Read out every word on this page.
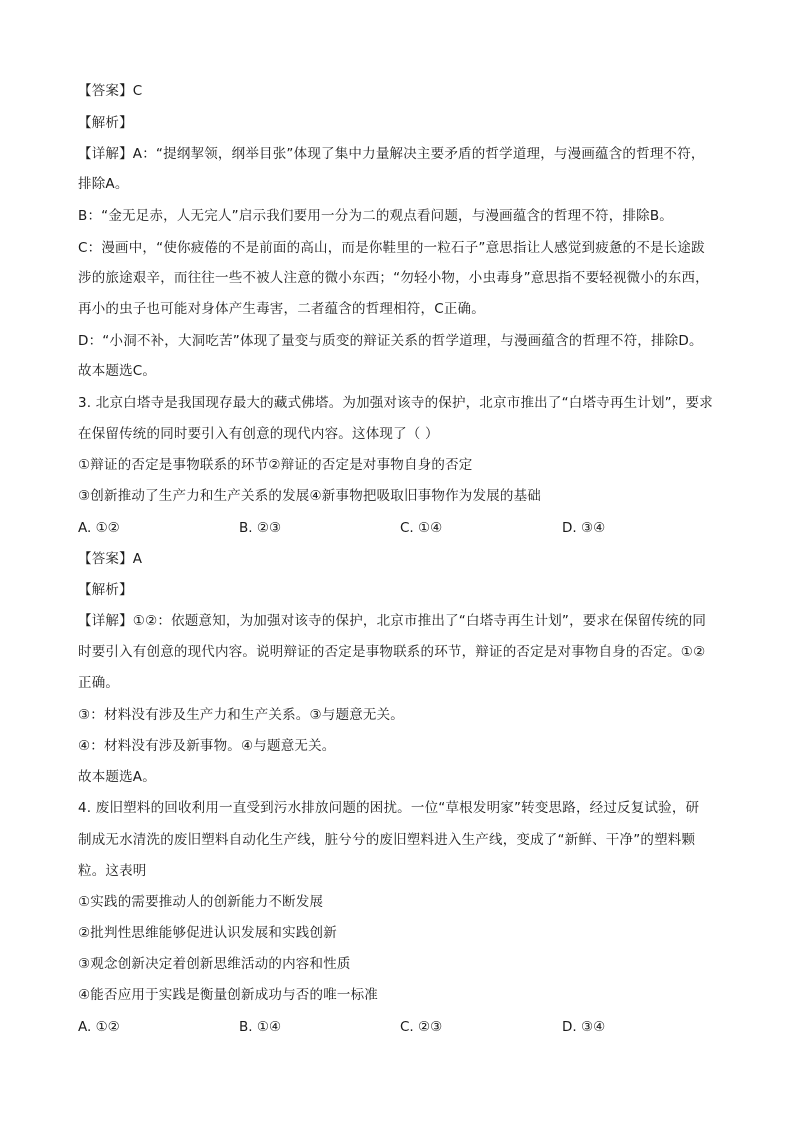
【答案】C
【解析】
【详解】A：“提纲挈领，纲举目张”体现了集中力量解决主要矛盾的哲学道理，与漫画蕴含的哲理不符，
排除A。
B：“金无足赤，人无完人”启示我们要用一分为二的观点看问题，与漫画蕴含的哲理不符，排除B。
C：漫画中，“使你疲倦的不是前面的高山，而是你鞋里的一粒石子”意思指让人感觉到疲惫的不是长途跋
涉的旅途艰辛，而往往一些不被人注意的微小东西；“勿轻小物，小虫毒身”意思指不要轻视微小的东西，
再小的虫子也可能对身体产生毒害，二者蕴含的哲理相符，C正确。
D：“小洞不补，大洞吃苦”体现了量变与质变的辩证关系的哲学道理，与漫画蕴含的哲理不符，排除D。
故本题选C。
3. 北京白塔寺是我国现存最大的藏式佛塔。为加强对该寺的保护，北京市推出了“白塔寺再生计划”，要求
在保留传统的同时要引入有创意的现代内容。这体现了（ ）
①辩证的否定是事物联系的环节②辩证的否定是对事物自身的否定
③创新推动了生产力和生产关系的发展④新事物把吸取旧事物作为发展的基础
A. ①②	B. ②③	C. ①④	D. ③④
【答案】A
【解析】
【详解】①②：依题意知，为加强对该寺的保护，北京市推出了“白塔寺再生计划”，要求在保留传统的同
时要引入有创意的现代内容。说明辩证的否定是事物联系的环节，辩证的否定是对事物自身的否定。①②
正确。
③：材料没有涉及生产力和生产关系。③与题意无关。
④：材料没有涉及新事物。④与题意无关。
故本题选A。
4. 废旧塑料的回收利用一直受到污水排放问题的困扰。一位“草根发明家”转变思路，经过反复试验，研
制成无水清洗的废旧塑料自动化生产线，脏兮兮的废旧塑料进入生产线，变成了“新鲜、干净”的塑料颗
粒。这表明
①实践的需要推动人的创新能力不断发展
②批判性思维能够促进认识发展和实践创新
③观念创新决定着创新思维活动的内容和性质
④能否应用于实践是衡量创新成功与否的唯一标准
A. ①②	B. ①④	C. ②③	D. ③④
